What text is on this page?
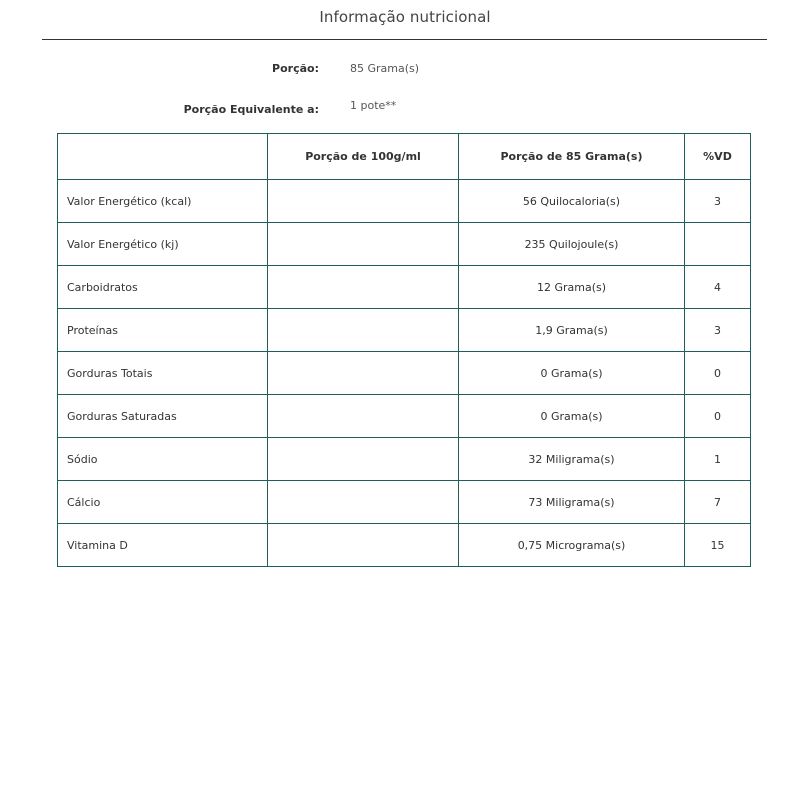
Informação nutricional
Porção:	85 Grama(s)
Porção Equivalente a:	1 pote**
	Porção de 100g/ml	Porção de 85 Grama(s)	%VD
Valor Energético (kcal)		56 Quilocaloria(s)	3
Valor Energético (kj)		235 Quilojoule(s)	
Carboidratos		12 Grama(s)	4
Proteínas		1,9 Grama(s)	3
Gorduras Totais		0 Grama(s)	0
Gorduras Saturadas		0 Grama(s)	0
Sódio		32 Miligrama(s)	1
Cálcio		73 Miligrama(s)	7
Vitamina D		0,75 Micrograma(s)	15
